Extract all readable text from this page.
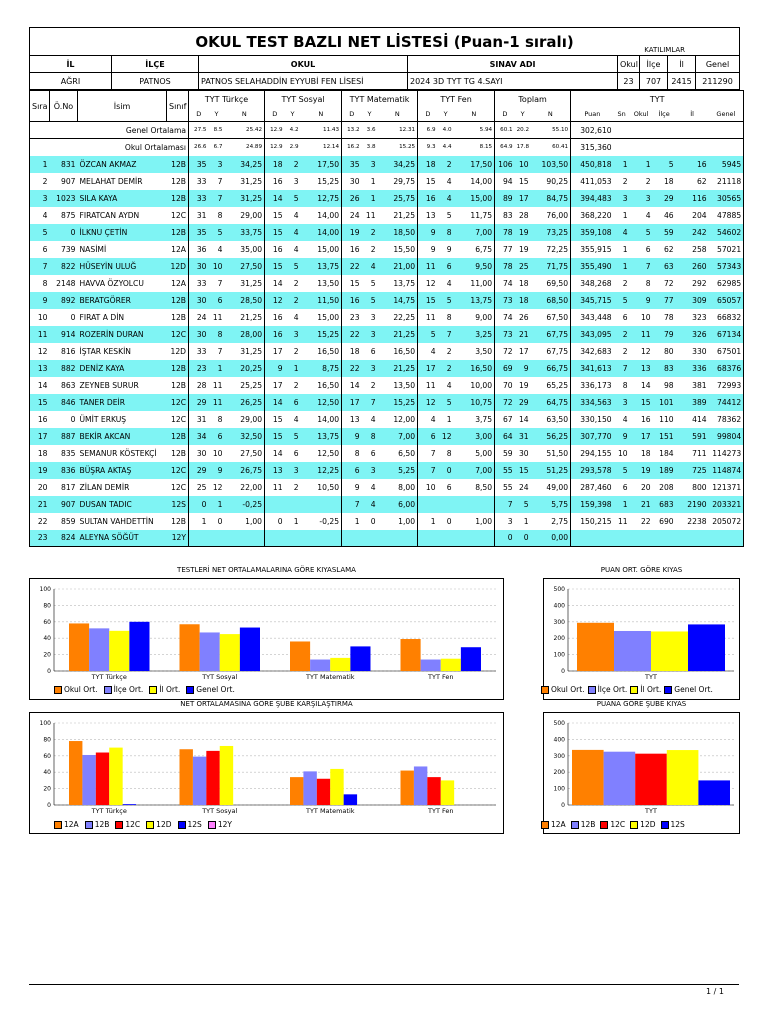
OKUL TEST BAZLI NET LİSTESİ (Puan-1 sıralı) KATILIMLAR							

İL	İLÇE	OKUL	SINAV ADI	Okul	İlçe	İl	Genel
AĞRI	PATNOS	PATNOS SELAHADDİN EYYUBİ FEN LİSESİ	2024 3D TYT TG 4.SAYI	23	707	2415	211290
Sıra	Ö.No	İsim	Sınıf	TYT Türkçe			TYT Sosyal			TYT Matematik			TYT Fen			Toplam			TYT					
				D	Y	N	D	Y	N	D	Y	N	D	Y	N	D	Y	N	Puan	Sn	Okul	İlçe	İl	Genel
Genel Ortalama				27.5	8.5	25.42	12.9	4.2	11.43	13.2	3.6	12.31	6.9	4.0	5.94	60.1	20.2	55.10	302,610					
Okul Ortalaması				26.6	6.7	24.89	12.9	2.9	12.14	16.2	3.8	15.25	9.3	4.4	8.15	64.9	17.8	60.41	315,360					
1	831	ÖZCAN AKMAZ	12B	35	3	34,25	18	2	17,50	35	3	34,25	18	2	17,50	106	10	103,50	450,818	1	1	5	16	5945
2	907	MELAHAT DEMİR	12B	33	7	31,25	16	3	15,25	30	1	29,75	15	4	14,00	94	15	90,25	411,053	2	2	18	62	21118
3	1023	SILA KAYA	12B	33	7	31,25	14	5	12,75	26	1	25,75	16	4	15,00	89	17	84,75	394,483	3	3	29	116	30565
4	875	FIRATCAN AYDN	12C	31	8	29,00	15	4	14,00	24	11	21,25	13	5	11,75	83	28	76,00	368,220	1	4	46	204	47885
5	0	İLKNU ÇETİN	12B	35	5	33,75	15	4	14,00	19	2	18,50	9	8	7,00	78	19	73,25	359,108	4	5	59	242	54602
6	739	NASİMİ	12A	36	4	35,00	16	4	15,00	16	2	15,50	9	9	6,75	77	19	72,25	355,915	1	6	62	258	57021
7	822	HÜSEYİN ULUĞ	12D	30	10	27,50	15	5	13,75	22	4	21,00	11	6	9,50	78	25	71,75	355,490	1	7	63	260	57343
8	2148	HAVVA ÖZYOLCU	12A	33	7	31,25	14	2	13,50	15	5	13,75	12	4	11,00	74	18	69,50	348,268	2	8	72	292	62985
9	892	BERATGÖRER	12B	30	6	28,50	12	2	11,50	16	5	14,75	15	5	13,75	73	18	68,50	345,715	5	9	77	309	65057
10	0	FIRAT A DİN	12B	24	11	21,25	16	4	15,00	23	3	22,25	11	8	9,00	74	26	67,50	343,448	6	10	78	323	66832
11	914	ROZERİN DURAN	12C	30	8	28,00	16	3	15,25	22	3	21,25	5	7	3,25	73	21	67,75	343,095	2	11	79	326	67134
12	816	İŞTAR KESKİN	12D	33	7	31,25	17	2	16,50	18	6	16,50	4	2	3,50	72	17	67,75	342,683	2	12	80	330	67501
13	882	DENİZ KAYA	12B	23	1	20,25	9	1	8,75	22	3	21,25	17	2	16,50	69	9	66,75	341,613	7	13	83	336	68376
14	863	ZEYNEB SURUR	12B	28	11	25,25	17	2	16,50	14	2	13,50	11	4	10,00	70	19	65,25	336,173	8	14	98	381	72993
15	846	TANER DEİR	12C	29	11	26,25	14	6	12,50	17	7	15,25	12	5	10,75	72	29	64,75	334,563	3	15	101	389	74412
16	0	ÜMİT ERKUŞ	12C	31	8	29,00	15	4	14,00	13	4	12,00	4	1	3,75	67	14	63,50	330,150	4	16	110	414	78362
17	887	BEKİR AKCAN	12B	34	6	32,50	15	5	13,75	9	8	7,00	6	12	3,00	64	31	56,25	307,770	9	17	151	591	99804
18	835	SEMANUR KÖSTEKÇİ	12B	30	10	27,50	14	6	12,50	8	6	6,50	7	8	5,00	59	30	51,50	294,155	10	18	184	711	114273
19	836	BÜŞRA AKTAŞ	12C	29	9	26,75	13	3	12,25	6	3	5,25	7	0	7,00	55	15	51,25	293,578	5	19	189	725	114874
20	817	ZİLAN DEMİR	12C	25	12	22,00	11	2	10,50	9	4	8,00	10	6	8,50	55	24	49,00	287,460	6	20	208	800	121371
21	907	DUSAN TADIC	12S	0	1	-0,25				7	4	6,00				7	5	5,75	159,398	1	21	683	2190	203321
22	859	SULTAN VAHDETTİN	12B	1	0	1,00	0	1	-0,25	1	0	1,00	1	0	1,00	3	1	2,75	150,215	11	22	690	2238	205072
23	824	ALEYNA SÖĞÜT	12Y													0	0	0,00						
TESTLERİ NET ORTALAMALARINA GÖRE KIYASLAMA
0
20
40
60
80
100
TYT Türkçe	TYT Sosyal	TYT Matematik	TYT Fen
Okul Ort. İlçe Ort. İl Ort. Genel Ort.
PUAN ORT. GÖRE KIYAS
0
100
200
300
400
500
TYT
Okul Ort. İlçe Ort. İl Ort. Genel Ort.
NET ORTALAMASINA GÖRE ŞUBE KARŞILAŞTIRMA
0
20
40
60
80
100
TYT Türkçe	TYT Sosyal	TYT Matematik	TYT Fen
12A 12B 12C 12D 12S 12Y
PUANA GÖRE ŞUBE KIYAS
0
100
200
300
400
500
TYT
12A 12B 12C 12D 12S
1 / 1
